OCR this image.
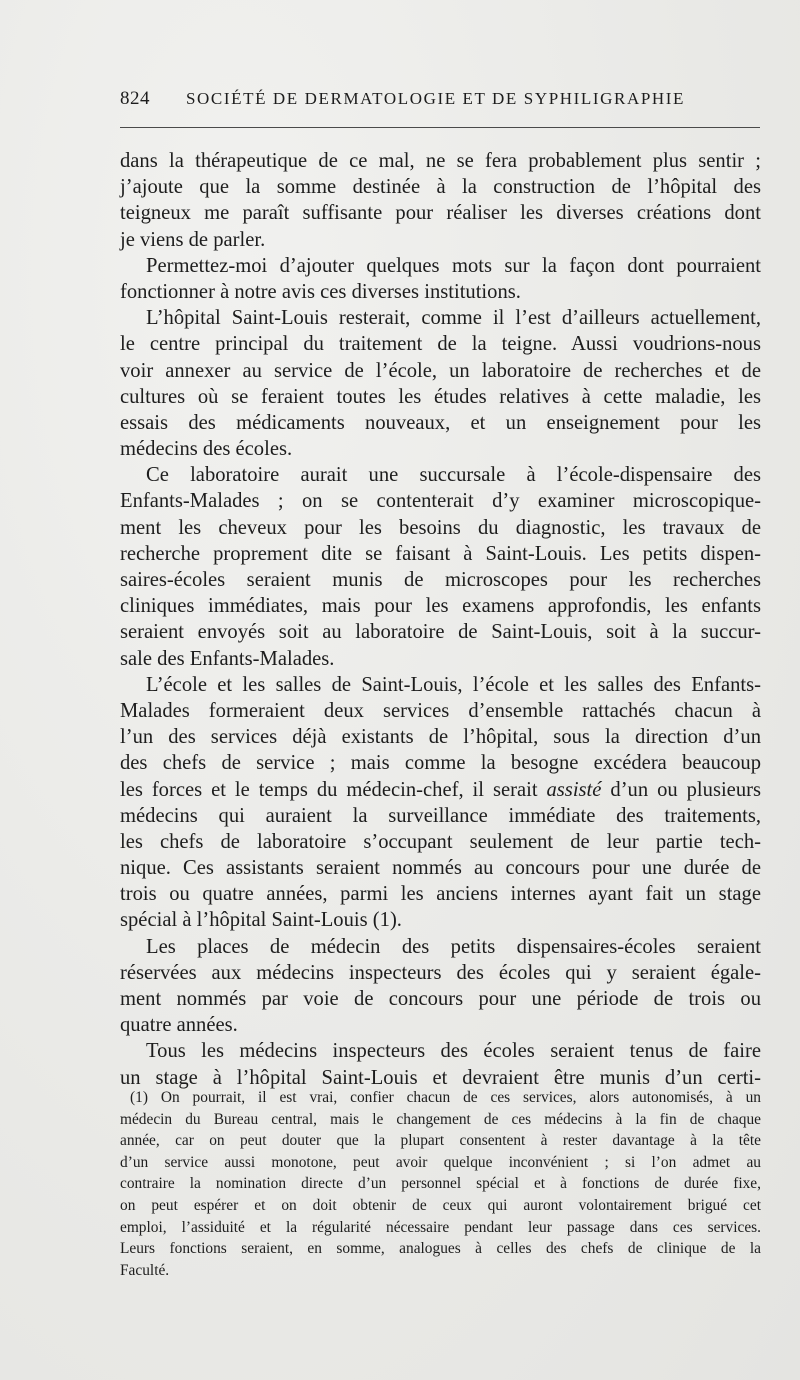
824 SOCIÉTÉ DE DERMATOLOGIE ET DE SYPHILIGRAPHIE
dans la thérapeutique de ce mal, ne se fera probablement plus sentir ;
j’ajoute que la somme destinée à la construction de l’hôpital des
teigneux me paraît suffisante pour réaliser les diverses créations dont
je viens de parler.
Permettez-moi d’ajouter quelques mots sur la façon dont pourraient
fonctionner à notre avis ces diverses institutions.
L’hôpital Saint-Louis resterait, comme il l’est d’ailleurs actuellement,
le centre principal du traitement de la teigne. Aussi voudrions-nous
voir annexer au service de l’école, un laboratoire de recherches et de
cultures où se feraient toutes les études relatives à cette maladie, les
essais des médicaments nouveaux, et un enseignement pour les
médecins des écoles.
Ce laboratoire aurait une succursale à l’école-dispensaire des
Enfants-Malades ; on se contenterait d’y examiner microscopique-
ment les cheveux pour les besoins du diagnostic, les travaux de
recherche proprement dite se faisant à Saint-Louis. Les petits dispen-
saires-écoles seraient munis de microscopes pour les recherches
cliniques immédiates, mais pour les examens approfondis, les enfants
seraient envoyés soit au laboratoire de Saint-Louis, soit à la succur-
sale des Enfants-Malades.
L’école et les salles de Saint-Louis, l’école et les salles des Enfants-
Malades formeraient deux services d’ensemble rattachés chacun à
l’un des services déjà existants de l’hôpital, sous la direction d’un
des chefs de service ; mais comme la besogne excédera beaucoup
les forces et le temps du médecin-chef, il serait assisté d’un ou plusieurs
médecins qui auraient la surveillance immédiate des traitements,
les chefs de laboratoire s’occupant seulement de leur partie tech-
nique. Ces assistants seraient nommés au concours pour une durée de
trois ou quatre années, parmi les anciens internes ayant fait un stage
spécial à l’hôpital Saint-Louis (1).
Les places de médecin des petits dispensaires-écoles seraient
réservées aux médecins inspecteurs des écoles qui y seraient égale-
ment nommés par voie de concours pour une période de trois ou
quatre années.
Tous les médecins inspecteurs des écoles seraient tenus de faire
un stage à l’hôpital Saint-Louis et devraient être munis d’un certi-
(1) On pourrait, il est vrai, confier chacun de ces services, alors autonomisés, à un
médecin du Bureau central, mais le changement de ces médecins à la fin de chaque
année, car on peut douter que la plupart consentent à rester davantage à la tête
d’un service aussi monotone, peut avoir quelque inconvénient ; si l’on admet au
contraire la nomination directe d’un personnel spécial et à fonctions de durée fixe,
on peut espérer et on doit obtenir de ceux qui auront volontairement brigué cet
emploi, l’assiduité et la régularité nécessaire pendant leur passage dans ces services.
Leurs fonctions seraient, en somme, analogues à celles des chefs de clinique de la
Faculté.
